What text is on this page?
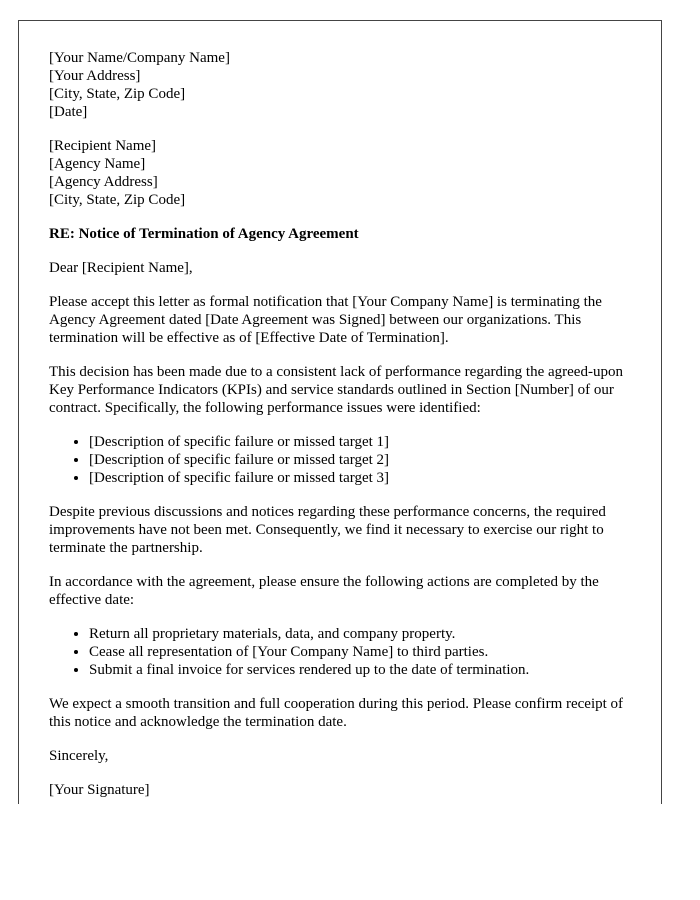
[Your Name/Company Name]
[Your Address]
[City, State, Zip Code]
[Date]
[Recipient Name]
[Agency Name]
[Agency Address]
[City, State, Zip Code]

RE: Notice of Termination of Agency Agreement

Dear [Recipient Name],

Please accept this letter as formal notification that [Your Company Name] is terminating the Agency Agreement dated [Date Agreement was Signed] between our organizations. This termination will be effective as of [Effective Date of Termination].

This decision has been made due to a consistent lack of performance regarding the agreed-upon Key Performance Indicators (KPIs) and service standards outlined in Section [Number] of our contract. Specifically, the following performance issues were identified:

• [Description of specific failure or missed target 1]
• [Description of specific failure or missed target 2]
• [Description of specific failure or missed target 3]

Despite previous discussions and notices regarding these performance concerns, the required improvements have not been met. Consequently, we find it necessary to exercise our right to terminate the partnership.

In accordance with the agreement, please ensure the following actions are completed by the effective date:

• Return all proprietary materials, data, and company property.
• Cease all representation of [Your Company Name] to third parties.
• Submit a final invoice for services rendered up to the date of termination.

We expect a smooth transition and full cooperation during this period. Please confirm receipt of this notice and acknowledge the termination date.

Sincerely,

[Your Signature]
